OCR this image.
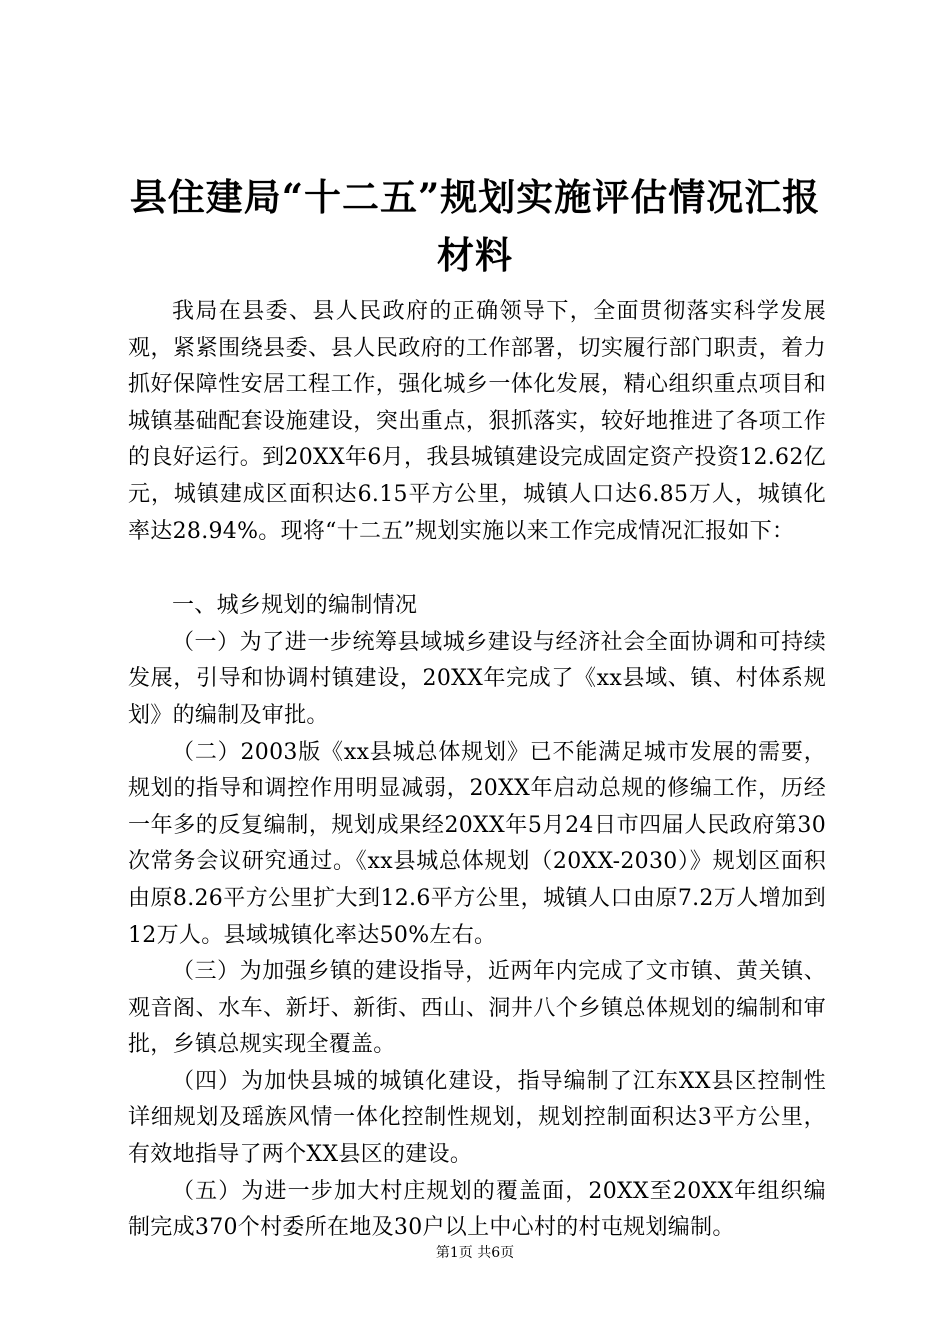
县住建局“十二五”规划实施评估情况汇报材料

我局在县委、县人民政府的正确领导下，全面贯彻落实科学发展观，紧紧围绕县委、县人民政府的工作部署，切实履行部门职责，着力抓好保障性安居工程工作，强化城乡一体化发展，精心组织重点项目和城镇基础配套设施建设，突出重点，狠抓落实，较好地推进了各项工作的良好运行。到20XX年6月，我县城镇建设完成固定资产投资12.62亿元，城镇建成区面积达6.15平方公里，城镇人口达6.85万人，城镇化率达28.94%。现将“十二五”规划实施以来工作完成情况汇报如下：

一、城乡规划的编制情况

（一）为了进一步统筹县域城乡建设与经济社会全面协调和可持续发展，引导和协调村镇建设，20XX年完成了《xx县域、镇、村体系规划》的编制及审批。

（二）2003版《xx县城总体规划》已不能满足城市发展的需要，规划的指导和调控作用明显减弱，20XX年启动总规的修编工作，历经一年多的反复编制，规划成果经20XX年5月24日市四届人民政府第30次常务会议研究通过。《xx县城总体规划（20XX-2030）》规划区面积由原8.26平方公里扩大到12.6平方公里，城镇人口由原7.2万人增加到12万人。县域城镇化率达50%左右。

（三）为加强乡镇的建设指导，近两年内完成了文市镇、黄关镇、观音阁、水车、新圩、新街、西山、洞井八个乡镇总体规划的编制和审批，乡镇总规实现全覆盖。

（四）为加快县城的城镇化建设，指导编制了江东XX县区控制性详细规划及瑶族风情一体化控制性规划，规划控制面积达3平方公里，有效地指导了两个XX县区的建设。

（五）为进一步加大村庄规划的覆盖面，20XX至20XX年组织编制完成370个村委所在地及30户以上中心村的村屯规划编制。

第1页 共6页
